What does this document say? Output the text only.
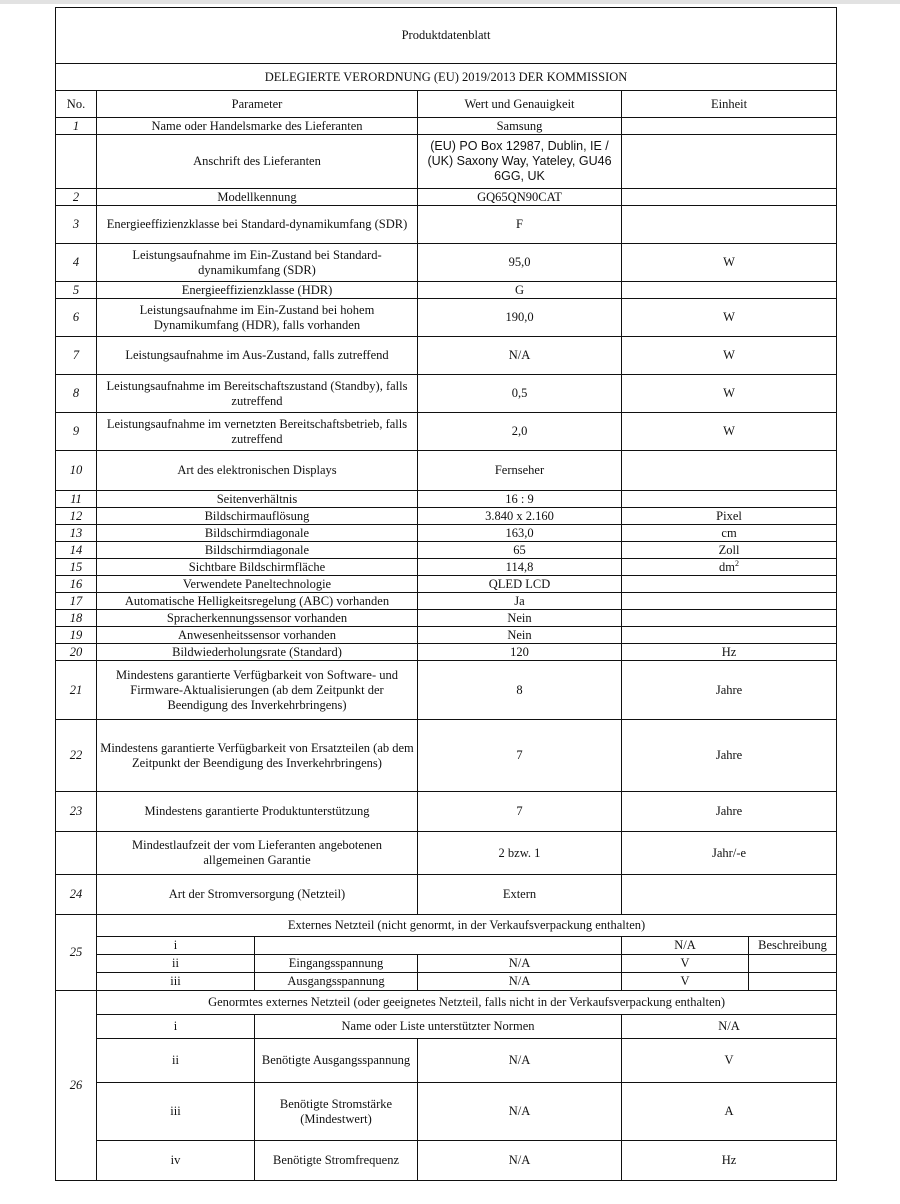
Produktdatenblatt					
DELEGIERTE VERORDNUNG (EU) 2019/2013 DER KOMMISSION					
No.	Parameter		Wert und Genauigkeit	Einheit	
1	Name oder Handelsmarke des Lieferanten		Samsung		
	Anschrift des Lieferanten		(EU) PO Box 12987, Dublin, IE / (UK) Saxony Way, Yateley, GU46 6GG, UK		
2	Modellkennung		GQ65QN90CAT		
3	Energieeffizienzklasse bei Standard-dynamikumfang (SDR)		F		
4	Leistungsaufnahme im Ein-Zustand bei Standard-dynamikumfang (SDR)		95,0	W	
5	Energieeffizienzklasse (HDR)		G		
6	Leistungsaufnahme im Ein-Zustand bei hohem Dynamikumfang (HDR), falls vorhanden		190,0	W	
7	Leistungsaufnahme im Aus-Zustand, falls zutreffend		N/A	W	
8	Leistungsaufnahme im Bereitschaftszustand (Standby), falls zutreffend		0,5	W	
9	Leistungsaufnahme im vernetzten Bereitschaftsbetrieb, falls zutreffend		2,0	W	
10	Art des elektronischen Displays		Fernseher		
11	Seitenverhältnis		16 : 9		
12	Bildschirmauflösung		3.840 x 2.160	Pixel	
13	Bildschirmdiagonale		163,0	cm	
14	Bildschirmdiagonale		65	Zoll	
15	Sichtbare Bildschirmfläche		114,8	$dm^2$
16	Verwendete Paneltechnologie		QLED LCD		
17	Automatische Helligkeitsregelung (ABC) vorhanden		Ja		
18	Spracherkennungssensor vorhanden		Nein		
19	Anwesenheitssensor vorhanden		Nein		
20	Bildwiederholungsrate (Standard)		120	Hz	
21	Mindestens garantierte Verfügbarkeit von Software- und Firmware-Aktualisierungen (ab dem Zeitpunkt der Beendigung des Inverkehrbringens)		8	Jahre	
22	Mindestens garantierte Verfügbarkeit von Ersatzteilen (ab dem Zeitpunkt der Beendigung des Inverkehrbringens)		7	Jahre	
23	Mindestens garantierte Produktunterstützung		7	Jahre	
	Mindestlaufzeit der vom Lieferanten angebotenen allgemeinen Garantie		2 bzw. 1	Jahr/-e	
24	Art der Stromversorgung (Netzteil)		Extern		
25	Externes Netzteil (nicht genormt, in der Verkaufsverpackung enthalten)				
	i			N/A	Beschreibung
	ii	Eingangsspannung	N/A	V	
	iii	Ausgangsspannung	N/A	V	
26	Genormtes externes Netzteil (oder geeignetes Netzteil, falls nicht in der Verkaufsverpackung enthalten)				
	i	Name oder Liste unterstützter Normen		N/A	
	ii	Benötigte Ausgangsspannung	N/A	V	
	iii	Benötigte Stromstärke (Mindestwert)	N/A	A	
	iv	Benötigte Stromfrequenz	N/A	Hz	
